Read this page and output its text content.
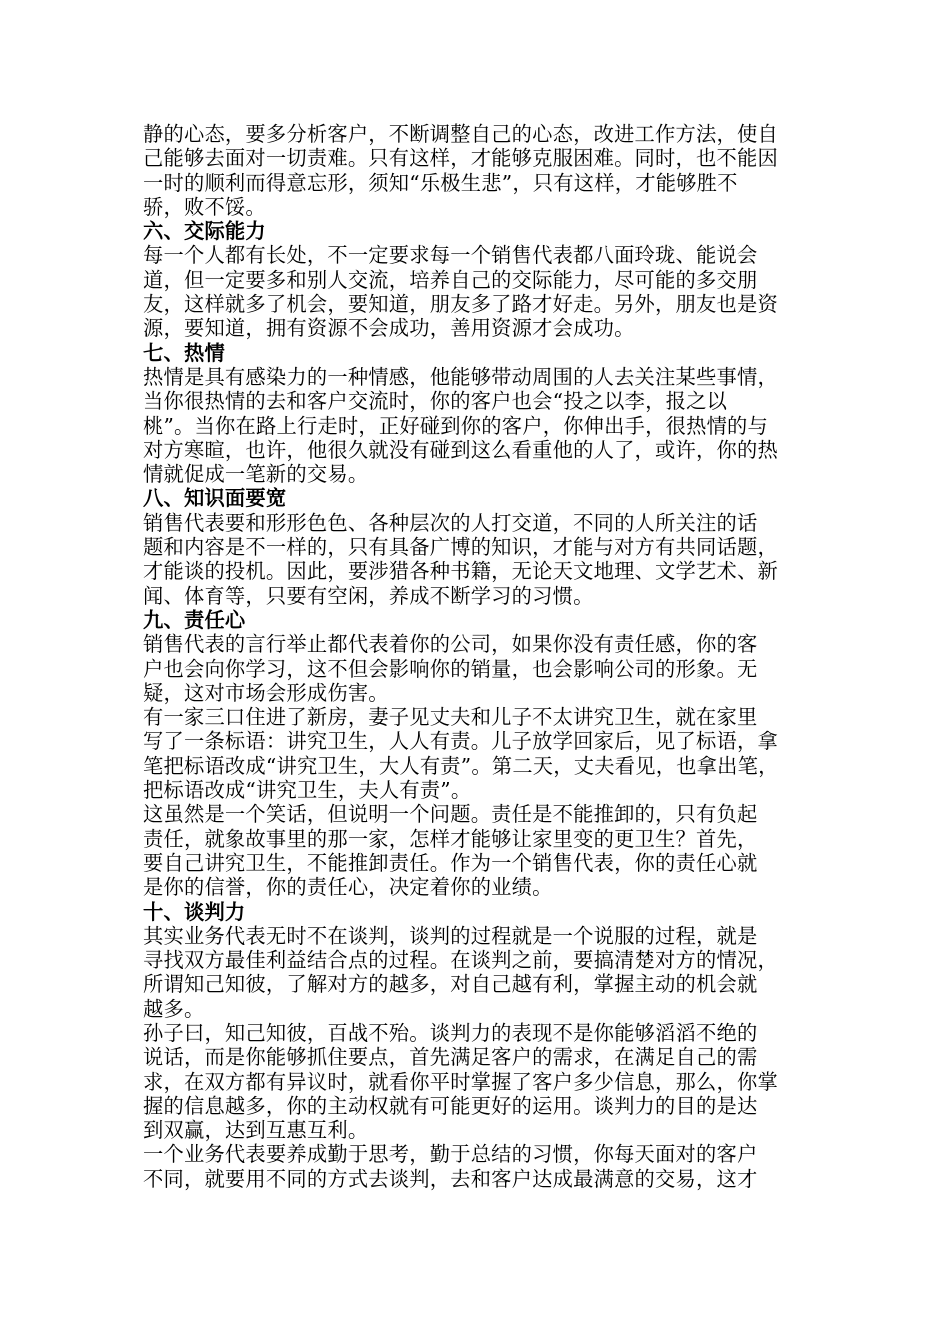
静的心态，要多分析客户，不断调整自己的心态，改进工作方法，使自
己能够去面对一切责难。只有这样，才能够克服困难。同时，也不能因
一时的顺利而得意忘形，须知“乐极生悲”，只有这样，才能够胜不
骄，败不馁。
六、交际能力
每一个人都有长处，不一定要求每一个销售代表都八面玲珑、能说会
道，但一定要多和别人交流，培养自己的交际能力，尽可能的多交朋
友，这样就多了机会，要知道，朋友多了路才好走。另外，朋友也是资
源，要知道，拥有资源不会成功，善用资源才会成功。
七、热情
热情是具有感染力的一种情感，他能够带动周围的人去关注某些事情，
当你很热情的去和客户交流时，你的客户也会“投之以李，报之以
桃”。当你在路上行走时，正好碰到你的客户，你伸出手，很热情的与
对方寒暄，也许，他很久就没有碰到这么看重他的人了，或许，你的热
情就促成一笔新的交易。
八、知识面要宽
销售代表要和形形色色、各种层次的人打交道，不同的人所关注的话
题和内容是不一样的，只有具备广博的知识，才能与对方有共同话题，
才能谈的投机。因此，要涉猎各种书籍，无论天文地理、文学艺术、新
闻、体育等，只要有空闲，养成不断学习的习惯。
九、责任心
销售代表的言行举止都代表着你的公司，如果你没有责任感，你的客
户也会向你学习，这不但会影响你的销量，也会影响公司的形象。无
疑，这对市场会形成伤害。
有一家三口住进了新房，妻子见丈夫和儿子不太讲究卫生，就在家里
写了一条标语：讲究卫生，人人有责。儿子放学回家后，见了标语，拿
笔把标语改成“讲究卫生，大人有责”。第二天，丈夫看见，也拿出笔，
把标语改成“讲究卫生，夫人有责”。
这虽然是一个笑话，但说明一个问题。责任是不能推卸的，只有负起
责任，就象故事里的那一家，怎样才能够让家里变的更卫生？首先，
要自己讲究卫生，不能推卸责任。作为一个销售代表，你的责任心就
是你的信誉，你的责任心，决定着你的业绩。
十、谈判力
其实业务代表无时不在谈判，谈判的过程就是一个说服的过程，就是
寻找双方最佳利益结合点的过程。在谈判之前，要搞清楚对方的情况，
所谓知己知彼，了解对方的越多，对自己越有利，掌握主动的机会就
越多。
孙子曰，知己知彼，百战不殆。谈判力的表现不是你能够滔滔不绝的
说话，而是你能够抓住要点，首先满足客户的需求，在满足自己的需
求，在双方都有异议时，就看你平时掌握了客户多少信息，那么，你掌
握的信息越多，你的主动权就有可能更好的运用。谈判力的目的是达
到双赢，达到互惠互利。
一个业务代表要养成勤于思考，勤于总结的习惯，你每天面对的客户
不同，就要用不同的方式去谈判，去和客户达成最满意的交易，这才
